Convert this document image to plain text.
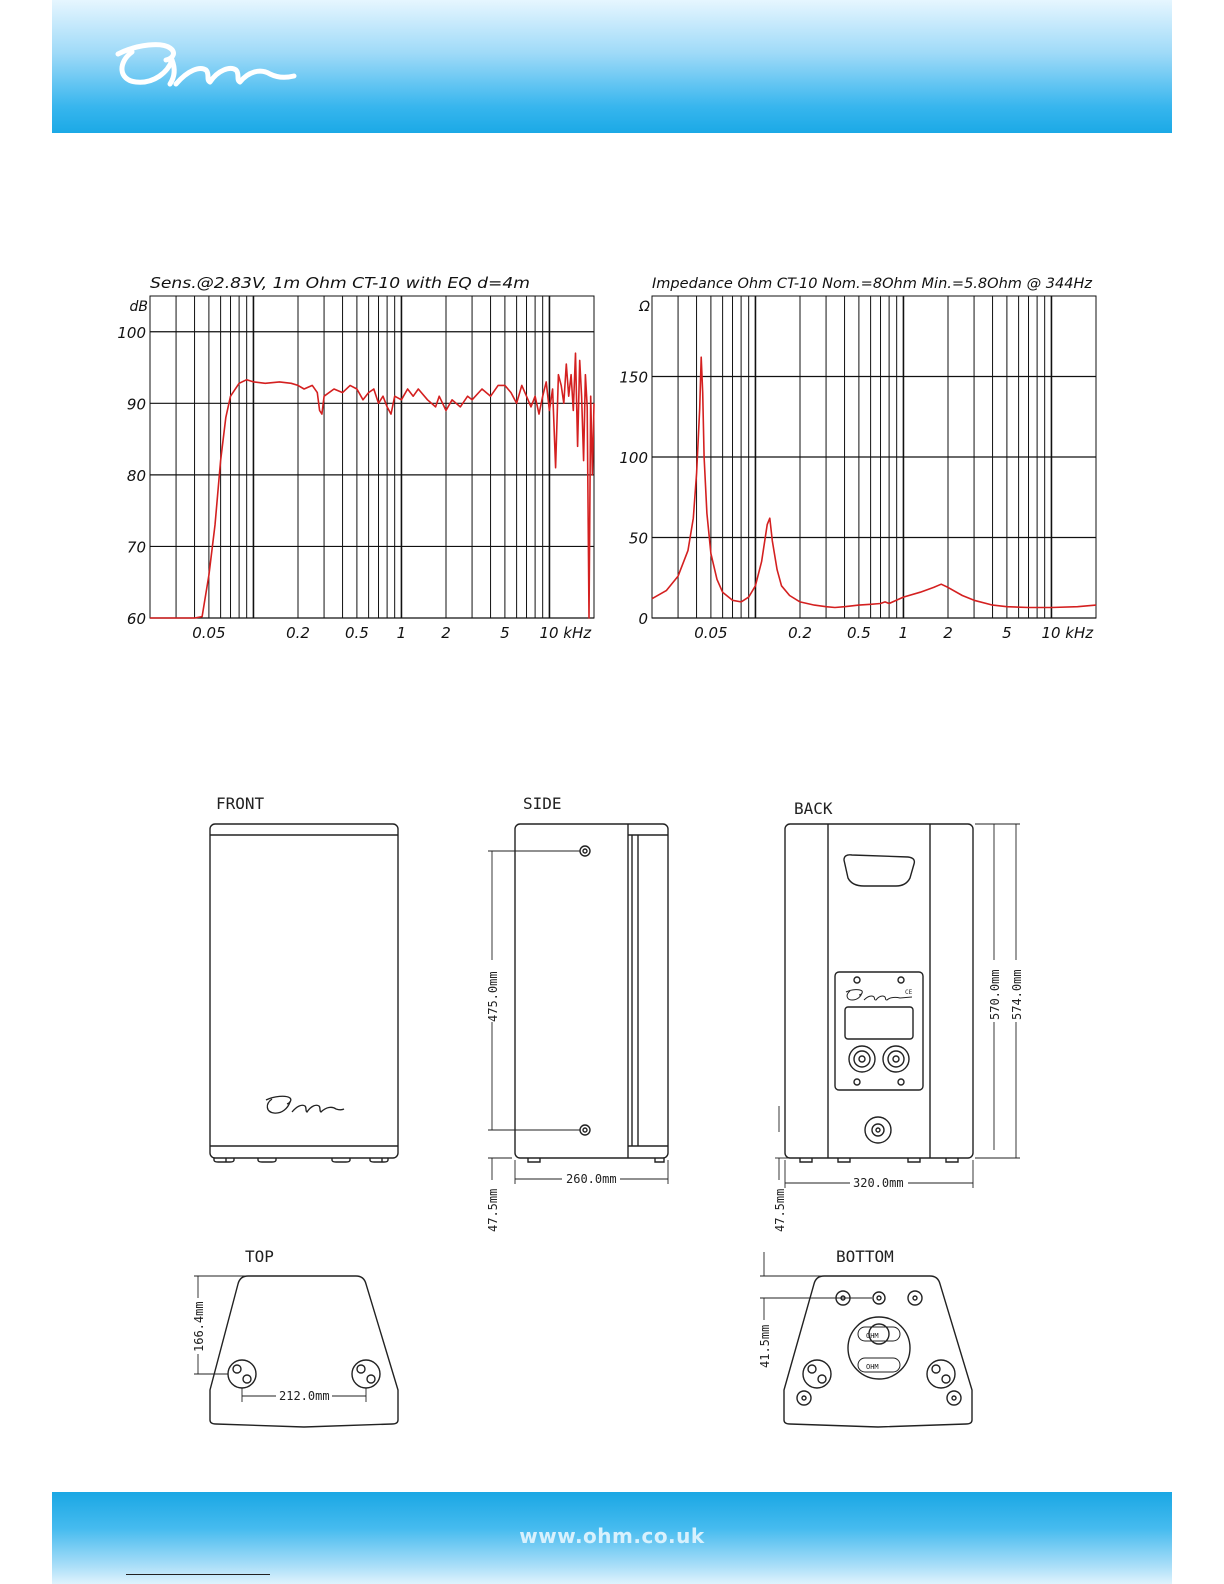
www.ohm.co.uk
60
70
80
90
100
0.05	0.2 0.5 1 2	5 10 kHz
Sens.@2.83V, 1m Ohm CT-10 with EQ d=4m
dB
0
50
100
150
0.05	0.2 0.5 1 2	5 10 kHz
Impedance Ohm CT-10 Nom.=8Ohm Min.=5.8Ohm @ 344Hz
Ω
FRONT	SIDE	BACK
TOP	BOTTOM
475.0mm
47.5mm
260.0mm
CE	570.0mm 574.0mm
47.5mm
320.0mm
166.4mm
212.0mm
OHM
OHM
41.5mm
